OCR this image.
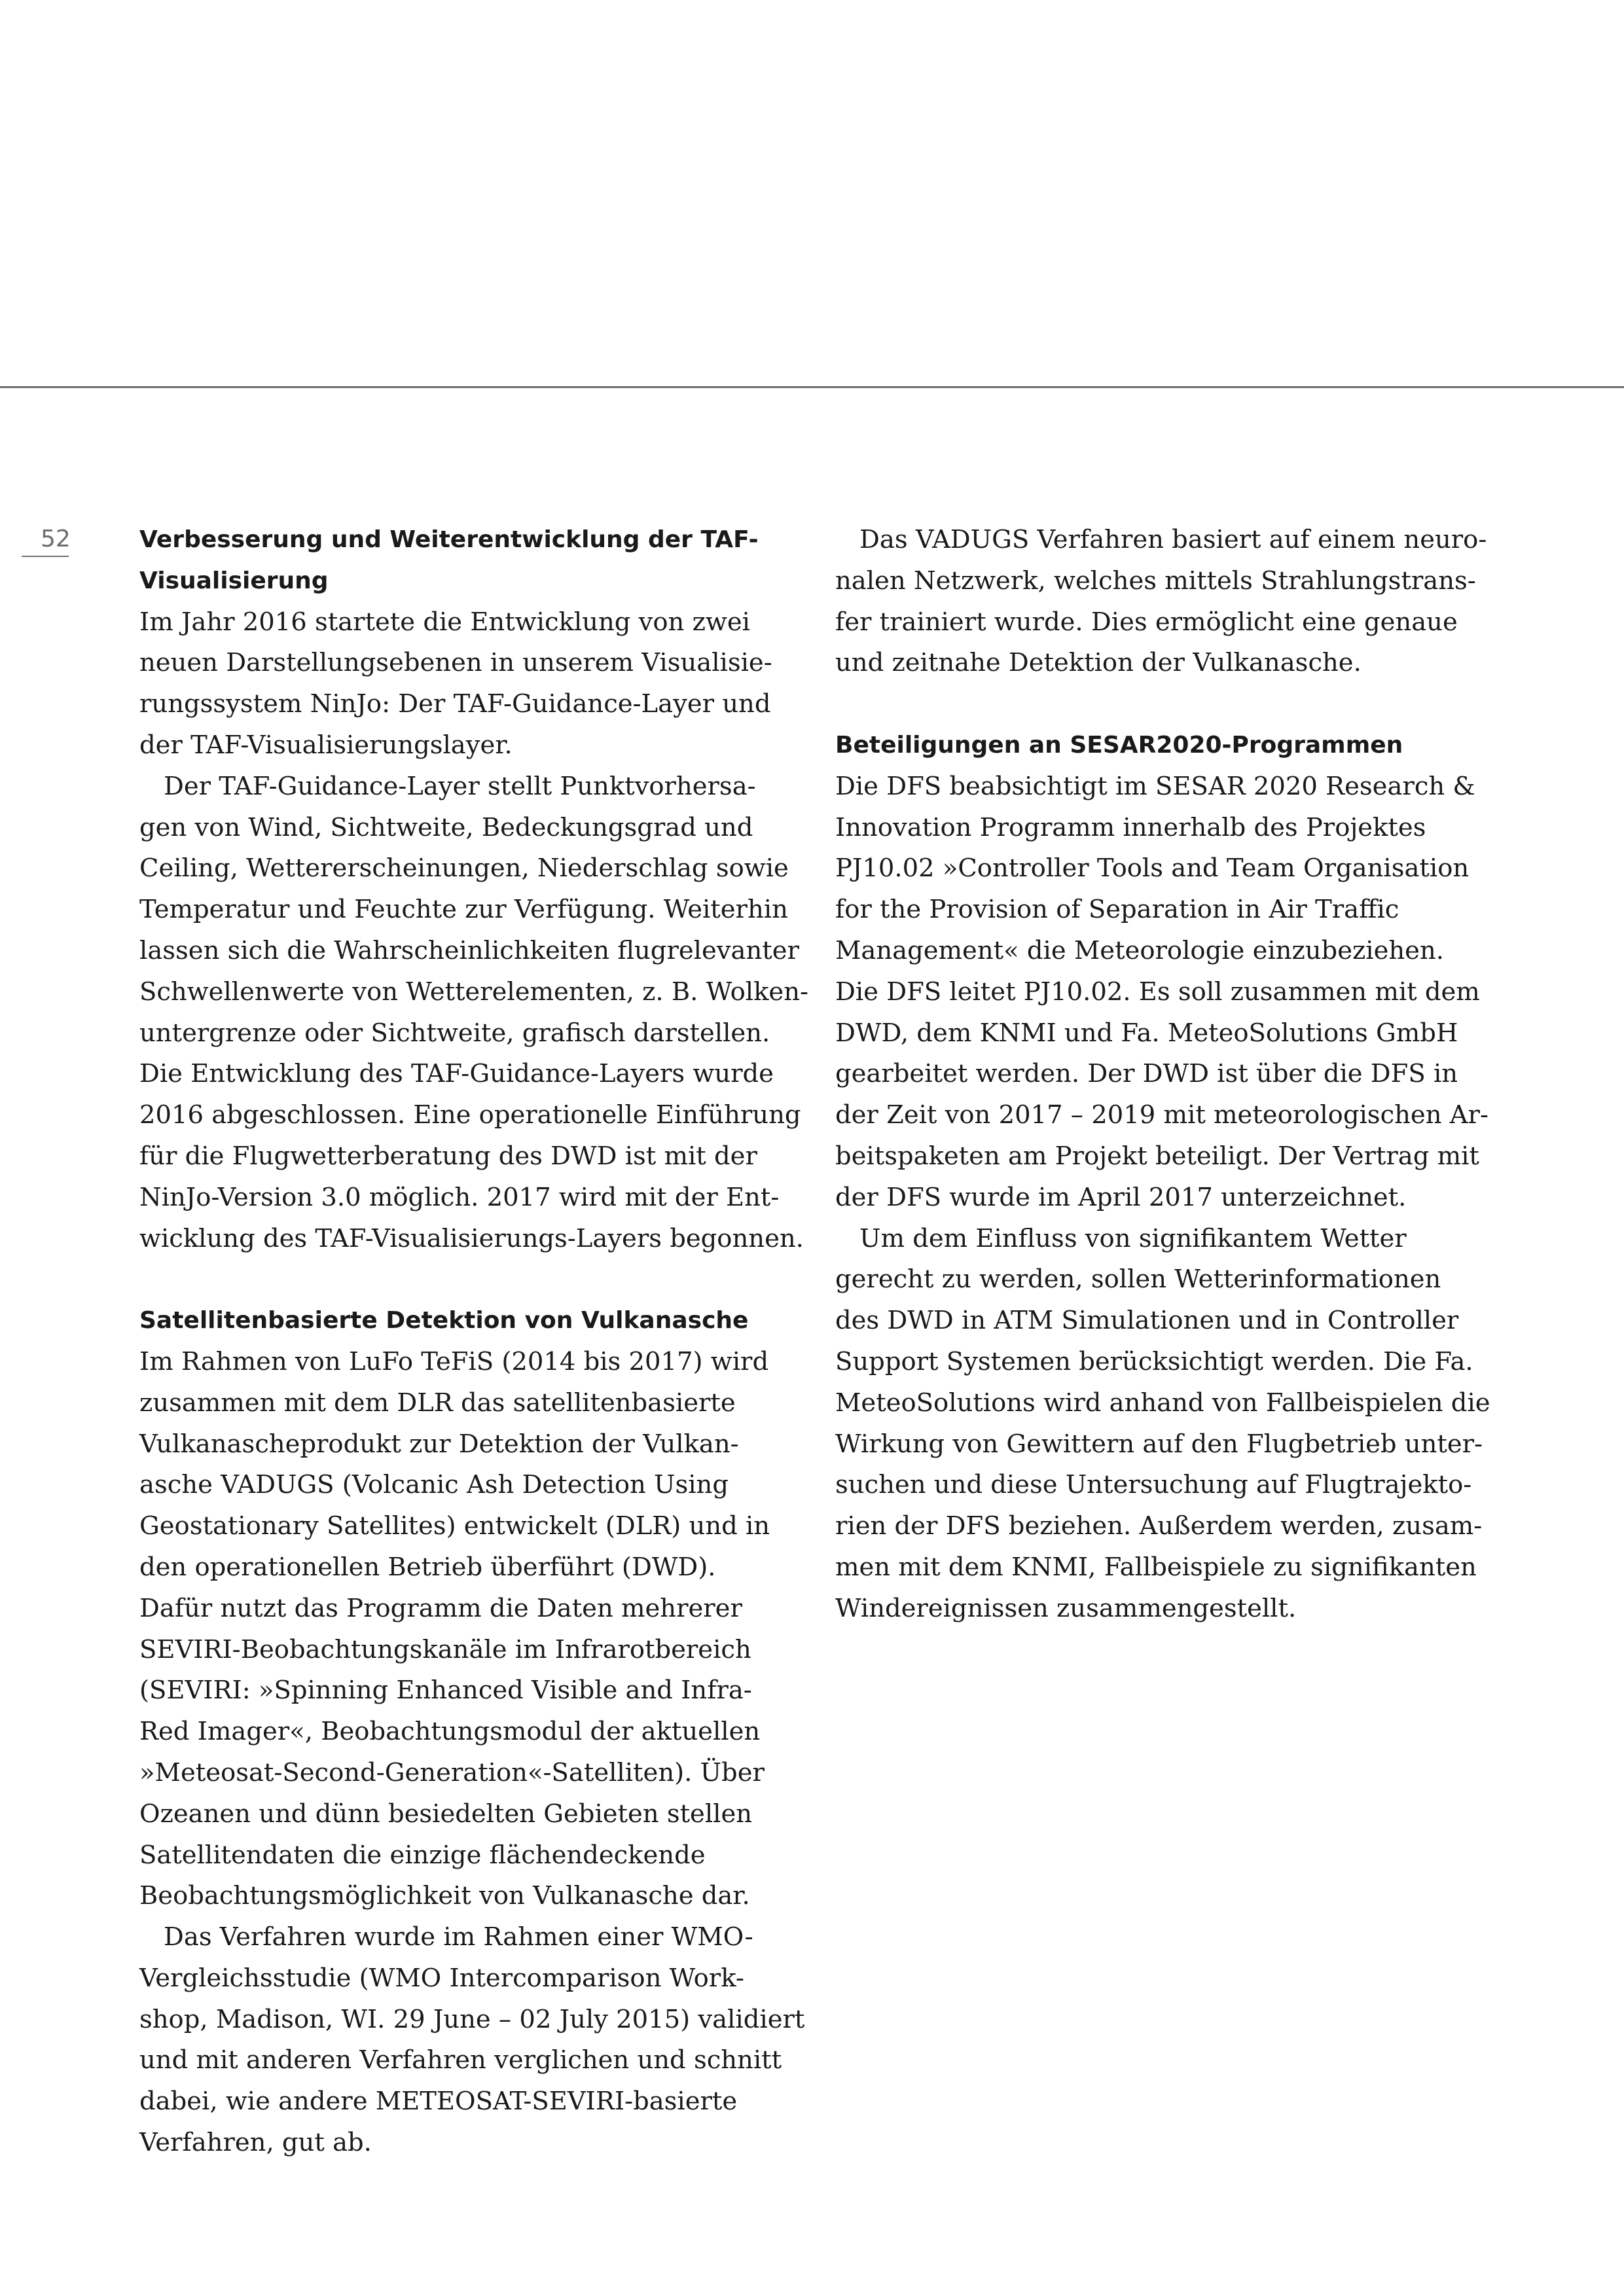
52	Verbesserung und Weiterentwicklung der TAF-
Visualisierung
Im Jahr 2016 startete die Entwicklung von zwei
neuen Darstellungsebenen in unserem Visualisie-
rungssystem NinJo: Der TAF-Guidance-Layer und
der TAF-Visualisierungslayer.
Der TAF-Guidance-Layer stellt Punktvorhersa-
gen von Wind, Sichtweite, Bedeckungsgrad und
Ceiling, Wettererscheinungen, Niederschlag sowie
Temperatur und Feuchte zur Verfügung. Weiterhin
lassen sich die Wahrscheinlichkeiten flugrelevanter
Schwellenwerte von Wetterelementen, z. B. Wolken-
untergrenze oder Sichtweite, grafisch darstellen.
Die Entwicklung des TAF-Guidance-Layers wurde
2016 abgeschlossen. Eine operationelle Einführung
für die Flugwetterberatung des DWD ist mit der
NinJo-Version 3.0 möglich. 2017 wird mit der Ent-
wicklung des TAF-Visualisierungs-Layers begonnen.
Satellitenbasierte Detektion von Vulkanasche
Im Rahmen von LuFo TeFiS (2014 bis 2017) wird
zusammen mit dem DLR das satellitenbasierte
Vulkanascheprodukt zur Detektion der Vulkan-
asche VADUGS (Volcanic Ash Detection Using
Geostationary Satellites) entwickelt (DLR) und in
den operationellen Betrieb überführt (DWD).
Dafür nutzt das Programm die Daten mehrerer
SEVIRI-Beobachtungskanäle im Infrarotbereich
(SEVIRI: »Spinning Enhanced Visible and Infra-
Red Imager«, Beobachtungsmodul der aktuellen
»Meteosat-Second-Generation«-Satelliten). Über
Ozeanen und dünn besiedelten Gebieten stellen
Satellitendaten die einzige flächendeckende
Beobachtungsmöglichkeit von Vulkanasche dar.
Das Verfahren wurde im Rahmen einer WMO-
Vergleichsstudie (WMO Intercomparison Work-
shop, Madison, WI. 29 June – 02 July 2015) validiert
und mit anderen Verfahren verglichen und schnitt
dabei, wie andere METEOSAT-SEVIRI-basierte
Verfahren, gut ab.
Das VADUGS Verfahren basiert auf einem neuro-
nalen Netzwerk, welches mittels Strahlungstrans-
fer trainiert wurde. Dies ermöglicht eine genaue
und zeitnahe Detektion der Vulkanasche.
Beteiligungen an SESAR2020-Programmen
Die DFS beabsichtigt im SESAR 2020 Research &
Innovation Programm innerhalb des Projektes
PJ10.02 »Controller Tools and Team Organisation
for the Provision of Separation in Air Traffic
Management« die Meteorologie einzubeziehen.
Die DFS leitet PJ10.02. Es soll zusammen mit dem
DWD, dem KNMI und Fa. MeteoSolutions GmbH
gearbeitet werden. Der DWD ist über die DFS in
der Zeit von 2017 – 2019 mit meteorologischen Ar-
beitspaketen am Projekt beteiligt. Der Vertrag mit
der DFS wurde im April 2017 unterzeichnet.
Um dem Einfluss von signifikantem Wetter
gerecht zu werden, sollen Wetterinformationen
des DWD in ATM Simulationen und in Controller
Support Systemen berücksichtigt werden. Die Fa.
MeteoSolutions wird anhand von Fallbeispielen die
Wirkung von Gewittern auf den Flugbetrieb unter-
suchen und diese Untersuchung auf Flugtrajekto-
rien der DFS beziehen. Außerdem werden, zusam-
men mit dem KNMI, Fallbeispiele zu signifikanten
Windereignissen zusammengestellt.
